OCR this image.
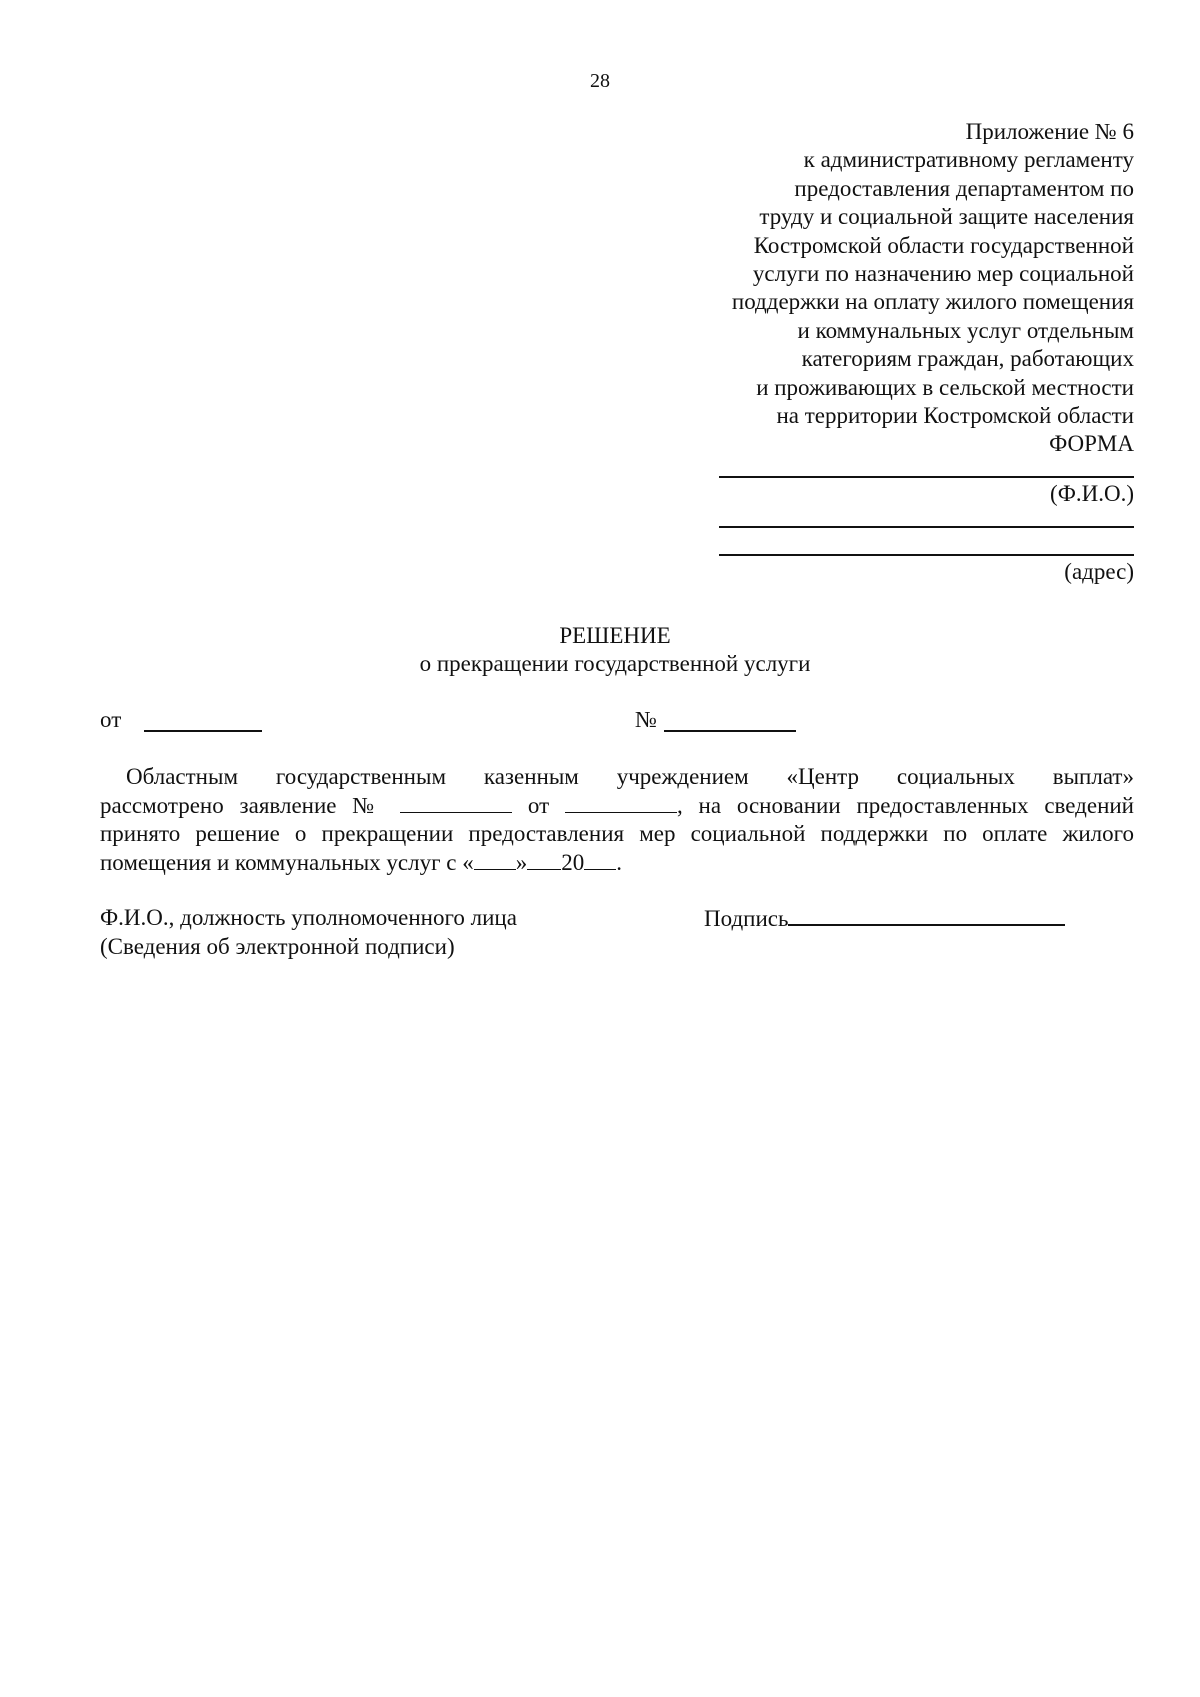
28
Приложение № 6
к административному регламенту
предоставления департаментом по
труду и социальной защите населения
Костромской области государственной
услуги по назначению мер социальной
поддержки на оплату жилого помещения
и коммунальных услуг отдельным
категориям граждан, работающих
и проживающих в сельской местности
на территории Костромской области
ФОРМА
(Ф.И.О.)
(адрес)
РЕШЕНИЕ
о прекращении государственной услуги
от	№
Областным государственным казенным учреждением «Центр социальных выплат»
рассмотрено заявление №	от	, на основании предоставленных сведений
принято решение о прекращении предоставления мер социальной поддержки по оплате жилого
помещения и коммунальных услуг с « » 20 .
Ф.И.О., должность уполномоченного лица
(Сведения об электронной подписи)
Подпись
